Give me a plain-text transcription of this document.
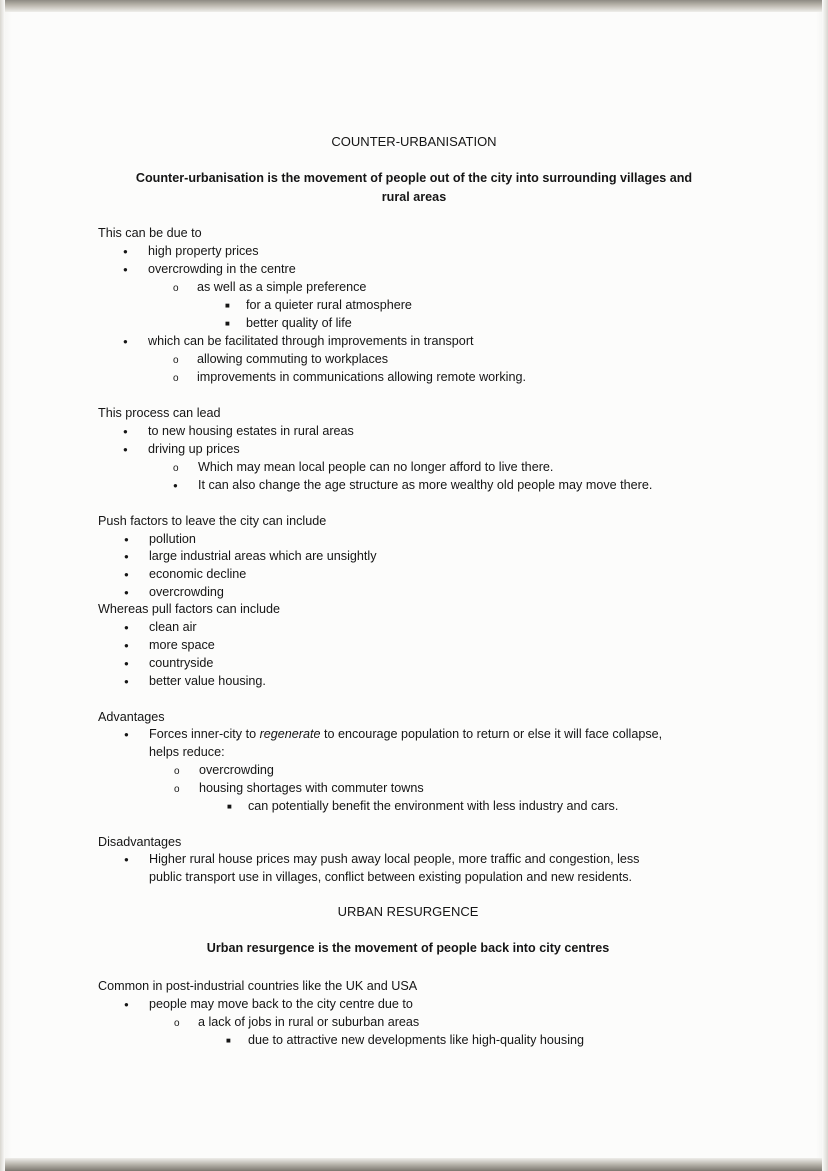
COUNTER-URBANISATION
Counter-urbanisation is the movement of people out of the city into surrounding villages and
rural areas
This can be due to
●
high property prices
●
overcrowding in the centre
o
as well as a simple preference
■
for a quieter rural atmosphere
■
better quality of life
●
which can be facilitated through improvements in transport
o
allowing commuting to workplaces
o
improvements in communications allowing remote working.
This process can lead
●
to new housing estates in rural areas
●
driving up prices
o
Which may mean local people can no longer afford to live there.
●
It can also change the age structure as more wealthy old people may move there.
Push factors to leave the city can include
●
pollution
●
large industrial areas which are unsightly
●
economic decline
●
overcrowding
Whereas pull factors can include
●
clean air
●
more space
●
countryside
●
better value housing.
Advantages
●
Forces inner-city to regenerate to encourage population to return or else it will face collapse,
helps reduce:
o
overcrowding
o
housing shortages with commuter towns
■
can potentially benefit the environment with less industry and cars.
Disadvantages
●
Higher rural house prices may push away local people, more traffic and congestion, less
public transport use in villages, conflict between existing population and new residents.
URBAN RESURGENCE
Urban resurgence is the movement of people back into city centres
Common in post-industrial countries like the UK and USA
●
people may move back to the city centre due to
o
a lack of jobs in rural or suburban areas
■
due to attractive new developments like high-quality housing
